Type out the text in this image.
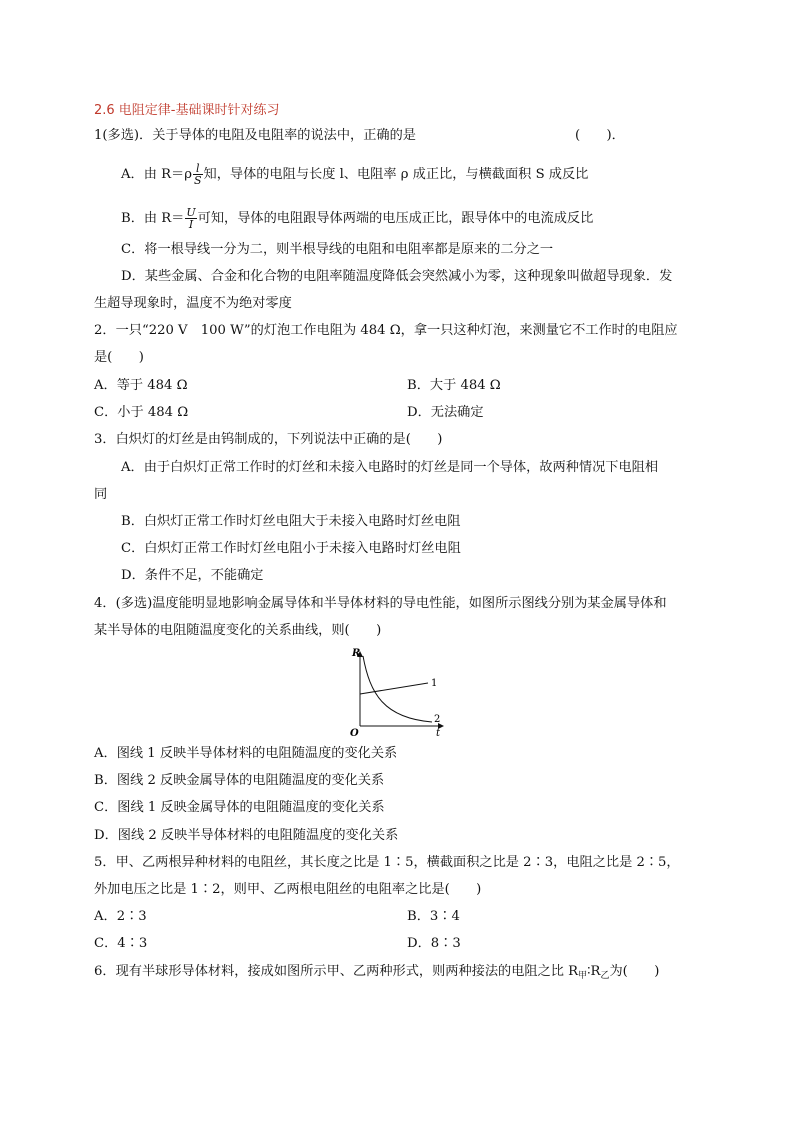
2.6 电阻定律-基础课时针对练习
1(多选)．关于导体的电阻及电阻率的说法中，正确的是	(　　)．
A．由 $R=\rho \frac{l}{S}$ 知，导体的电阻与长度 l、电阻率 ρ 成正比，与横截面积 S 成反比
B．由 $R= \frac{U}{I}$ 可知，导体的电阻跟导体两端的电压成正比，跟导体中的电流成反比
C．将一根导线一分为二，则半根导线的电阻和电阻率都是原来的二分之一
D．某些金属、合金和化合物的电阻率随温度降低会突然减小为零，这种现象叫做超导现象．发
生超导现象时，温度不为绝对零度
2．一只“220 V　100 W”的灯泡工作电阻为 484 Ω，拿一只这种灯泡，来测量它不工作时的电阻应
是(　　)
A．等于 484 Ω	B．大于 484 Ω
C．小于 484 Ω	D．无法确定
3．白炽灯的灯丝是由钨制成的，下列说法中正确的是(　　)
A．由于白炽灯正常工作时的灯丝和未接入电路时的灯丝是同一个导体，故两种情况下电阻相
同
B．白炽灯正常工作时灯丝电阻大于未接入电路时灯丝电阻
C．白炽灯正常工作时灯丝电阻小于未接入电路时灯丝电阻
D．条件不足，不能确定
4．(多选)温度能明显地影响金属导体和半导体材料的导电性能，如图所示图线分别为某金属导体和
某半导体的电阻随温度变化的关系曲线，则(　　)
R
t
O
1
2
A．图线 1 反映半导体材料的电阻随温度的变化关系
B．图线 2 反映金属导体的电阻随温度的变化关系
C．图线 1 反映金属导体的电阻随温度的变化关系
D．图线 2 反映半导体材料的电阻随温度的变化关系
5．甲、乙两根异种材料的电阻丝，其长度之比是 1∶5，横截面积之比是 2∶3，电阻之比是 2∶5，
外加电压之比是 1∶2，则甲、乙两根电阻丝的电阻率之比是(　　)
A．2∶3	B．3∶4
C．4∶3	D．8∶3
6．现有半球形导体材料，接成如图所示甲、乙两种形式，则两种接法的电阻之比 $R_甲∶R_乙$为(　　)
